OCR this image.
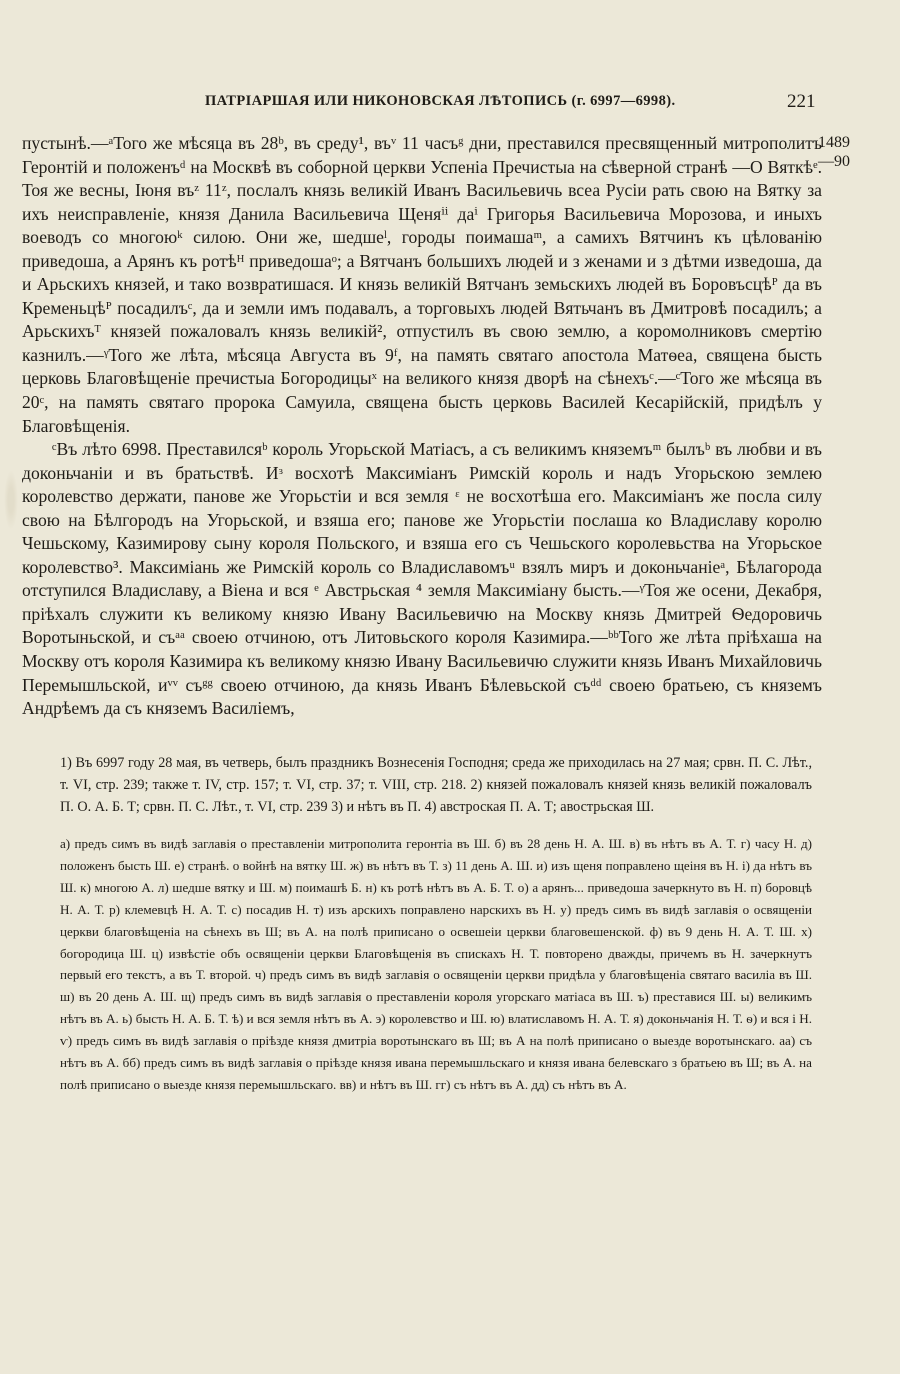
ПАТРІАРШАЯ ИЛИ НИКОНОВСКАЯ ЛѢТОПИСЬ (г. 6997—6998).	221
1489
—90

пустынѣ.—ᵃТого же мѣсяца въ 28ᵇ, въ среду¹, въᵛ 11 часъᵍ дни, преставился пресвященный митрополитъ Геронтій и положенъᵈ на Москвѣ въ соборной церкви Успеніа Пречистыа на сѣверной странѣ —О Вяткѣᵉ. Тоя же весны, Іюня въᶻ 11ᶻ, послалъ князь великій Иванъ Васильевичь всеа Русіи рать свою на Вятку за ихъ неисправленіе, князя Данила Васильевича Щеняⁱⁱ даⁱ Григорья Васильевича Морозова, и иныхъ воеводъ со многоюᵏ силою. Они же, шедшеˡ, городы поимашаᵐ, а самихъ Вятчинъ къ цѣлованію приведоша, а Арянъ къ ротѣᴴ приведошаᵒ; а Вятчанъ большихъ людей и з женами и з дѣтми изведоша, да и Арьскихъ князей, и тако возвратишася. И князь великій Вятчанъ земьскихъ людей въ Боровъсцѣᴾ да въ Кременьцѣᴾ посадилъᶜ, да и земли имъ подавалъ, а торговыхъ людей Вятьчанъ въ Дмитровѣ посадилъ; а Арьскихъᵀ князей пожаловалъ князь великій², отпустилъ въ свою землю, а коромолниковъ смертію казнилъ.—ᵞТого же лѣта, мѣсяца Августа въ 9ᶠ, на память святаго апостола Матѳеа, священа бысть церковь Благовѣщеніе пречистыа Богородицыˣ на великого князя дворѣ на сѣнехъᶜ.—ᶜТого же мѣсяца въ 20ᶜ, на память святаго пророка Самуила, священа бысть церковь Василей Кесарійскій, придѣлъ у Благовѣщенія.

ᶜВъ лѣто 6998. Преставилсяᵇ король Угорьской Матіасъ, а съ великимъ княземъᵐ былъᵇ въ любви и въ доконьчаніи и въ братьствѣ. Иᶟ восхотѣ Максиміанъ Римскій король и надъ Угорьскою землею королевство держати, панове же Угорьстіи и вся земля ᵋ не восхотѣша его. Максиміанъ же посла силу свою на Бѣлгородъ на Угорьской, и взяша его; панове же Угорьстіи послаша ко Владиславу королю Чешьскому, Казимирову сыну короля Польского, и взяша его съ Чешьского королевьства на Угорьское королевство³. Максиміань же Римскій король со Владиславомъᵘ взялъ миръ и доконьчаніеᵃ, Бѣлагорода отступился Владиславу, а Віена и вся ᵉ Австрьская ⁴ земля Максиміану бысть.—ᵞТоя же осени, Декабря, пріѣхалъ служити къ великому князю Ивану Васильевичю на Москву князь Дмитрей Ѳедоровичь Воротыньской, и съᵃᵃ своею отчиною, отъ Литовьского короля Казимира.—ᵇᵇТого же лѣта пріѣхаша на Москву отъ короля Казимира къ великому князю Ивану Васильевичю служити князь Иванъ Михайловичь Перемышльской, иᵛᵛ съᵍᵍ своею отчиною, да князь Иванъ Бѣлевьской съᵈᵈ своею братьею, съ княземъ Андрѣемъ да съ княземъ Василіемъ,

1) Въ 6997 году 28 мая, въ четверь, былъ праздникъ Вознесенія Господня; среда же приходилась на 27 мая; срвн. П. С. Лѣт., т. VI, стр. 239; также т. IV, стр. 157; т. VI, стр. 37; т. VIII, стр. 218. 2) князей пожаловалъ князей князь великій пожаловалъ П. О. А. Б. Т; срвн. П. С. Лѣт., т. VI, стр. 239 3) и нѣтъ въ П. 4) австроская П. А. Т; авострьская Ш.

а) предъ симъ въ видѣ заглавія о преставленіи митрополита геронтіа въ Ш. б) въ 28 день Н. А. Ш. в) въ нѣтъ въ А. Т. г) часу Н. д) положенъ бысть Ш. е) странѣ. о войнѣ на вятку Ш. ж) въ нѣтъ въ Т. з) 11 день А. Ш. и) изъ щеня поправлено щеіня въ Н. і) да нѣтъ въ Ш. к) многою А. л) шедше вятку и Ш. м) поимашѣ Б. н) къ ротѣ нѣтъ въ А. Б. Т. о) а арянъ... приведоша зачеркнуто въ Н. п) боровцѣ Н. А. Т. р) клемевцѣ Н. А. Т. с) посадив Н. т) изъ арскихъ поправлено нарскихъ въ Н. у) предъ симъ въ видѣ заглавія о освященіи церкви благовѣщеніа на сѣнехъ въ Ш; въ А. на полѣ приписано о освешеіи церкви благовешенской. ф) въ 9 день Н. А. Т. Ш. х) богородица Ш. ц) извѣстіе объ освященіи церкви Благовѣщенія въ спискахъ Н. Т. повторено дважды, причемъ въ Н. зачеркнутъ первый его текстъ, а въ Т. второй. ч) предъ симъ въ видѣ заглавія о освященіи церкви придѣла у благовѣщеніа святаго василіа въ Ш. ш) въ 20 день А. Ш. щ) предъ симъ въ видѣ заглавія о преставленіи короля угорскаго матіаса въ Ш. ъ) преставися Ш. ы) великимъ нѣтъ въ А. ь) бысть Н. А. Б. Т. ѣ) и вся земля нѣтъ въ А. э) королевство и Ш. ю) влатиславомъ Н. А. Т. я) доконьчанія Н. Т. ѳ) и вся і Н. ѵ) предъ симъ въ видѣ заглавія о пріѣзде князя дмитріа воротынскаго въ Ш; въ А на полѣ приписано о выезде воротынскаго. аа) съ нѣтъ въ А. бб) предъ симъ въ видѣ заглавія о пріѣзде князя ивана перемышльскаго и князя ивана белевскаго з братьею въ Ш; въ А. на полѣ приписано о выезде князя перемышльскаго. вв) и нѣтъ въ Ш. гг) съ нѣтъ въ А. дд) съ нѣтъ въ А.
